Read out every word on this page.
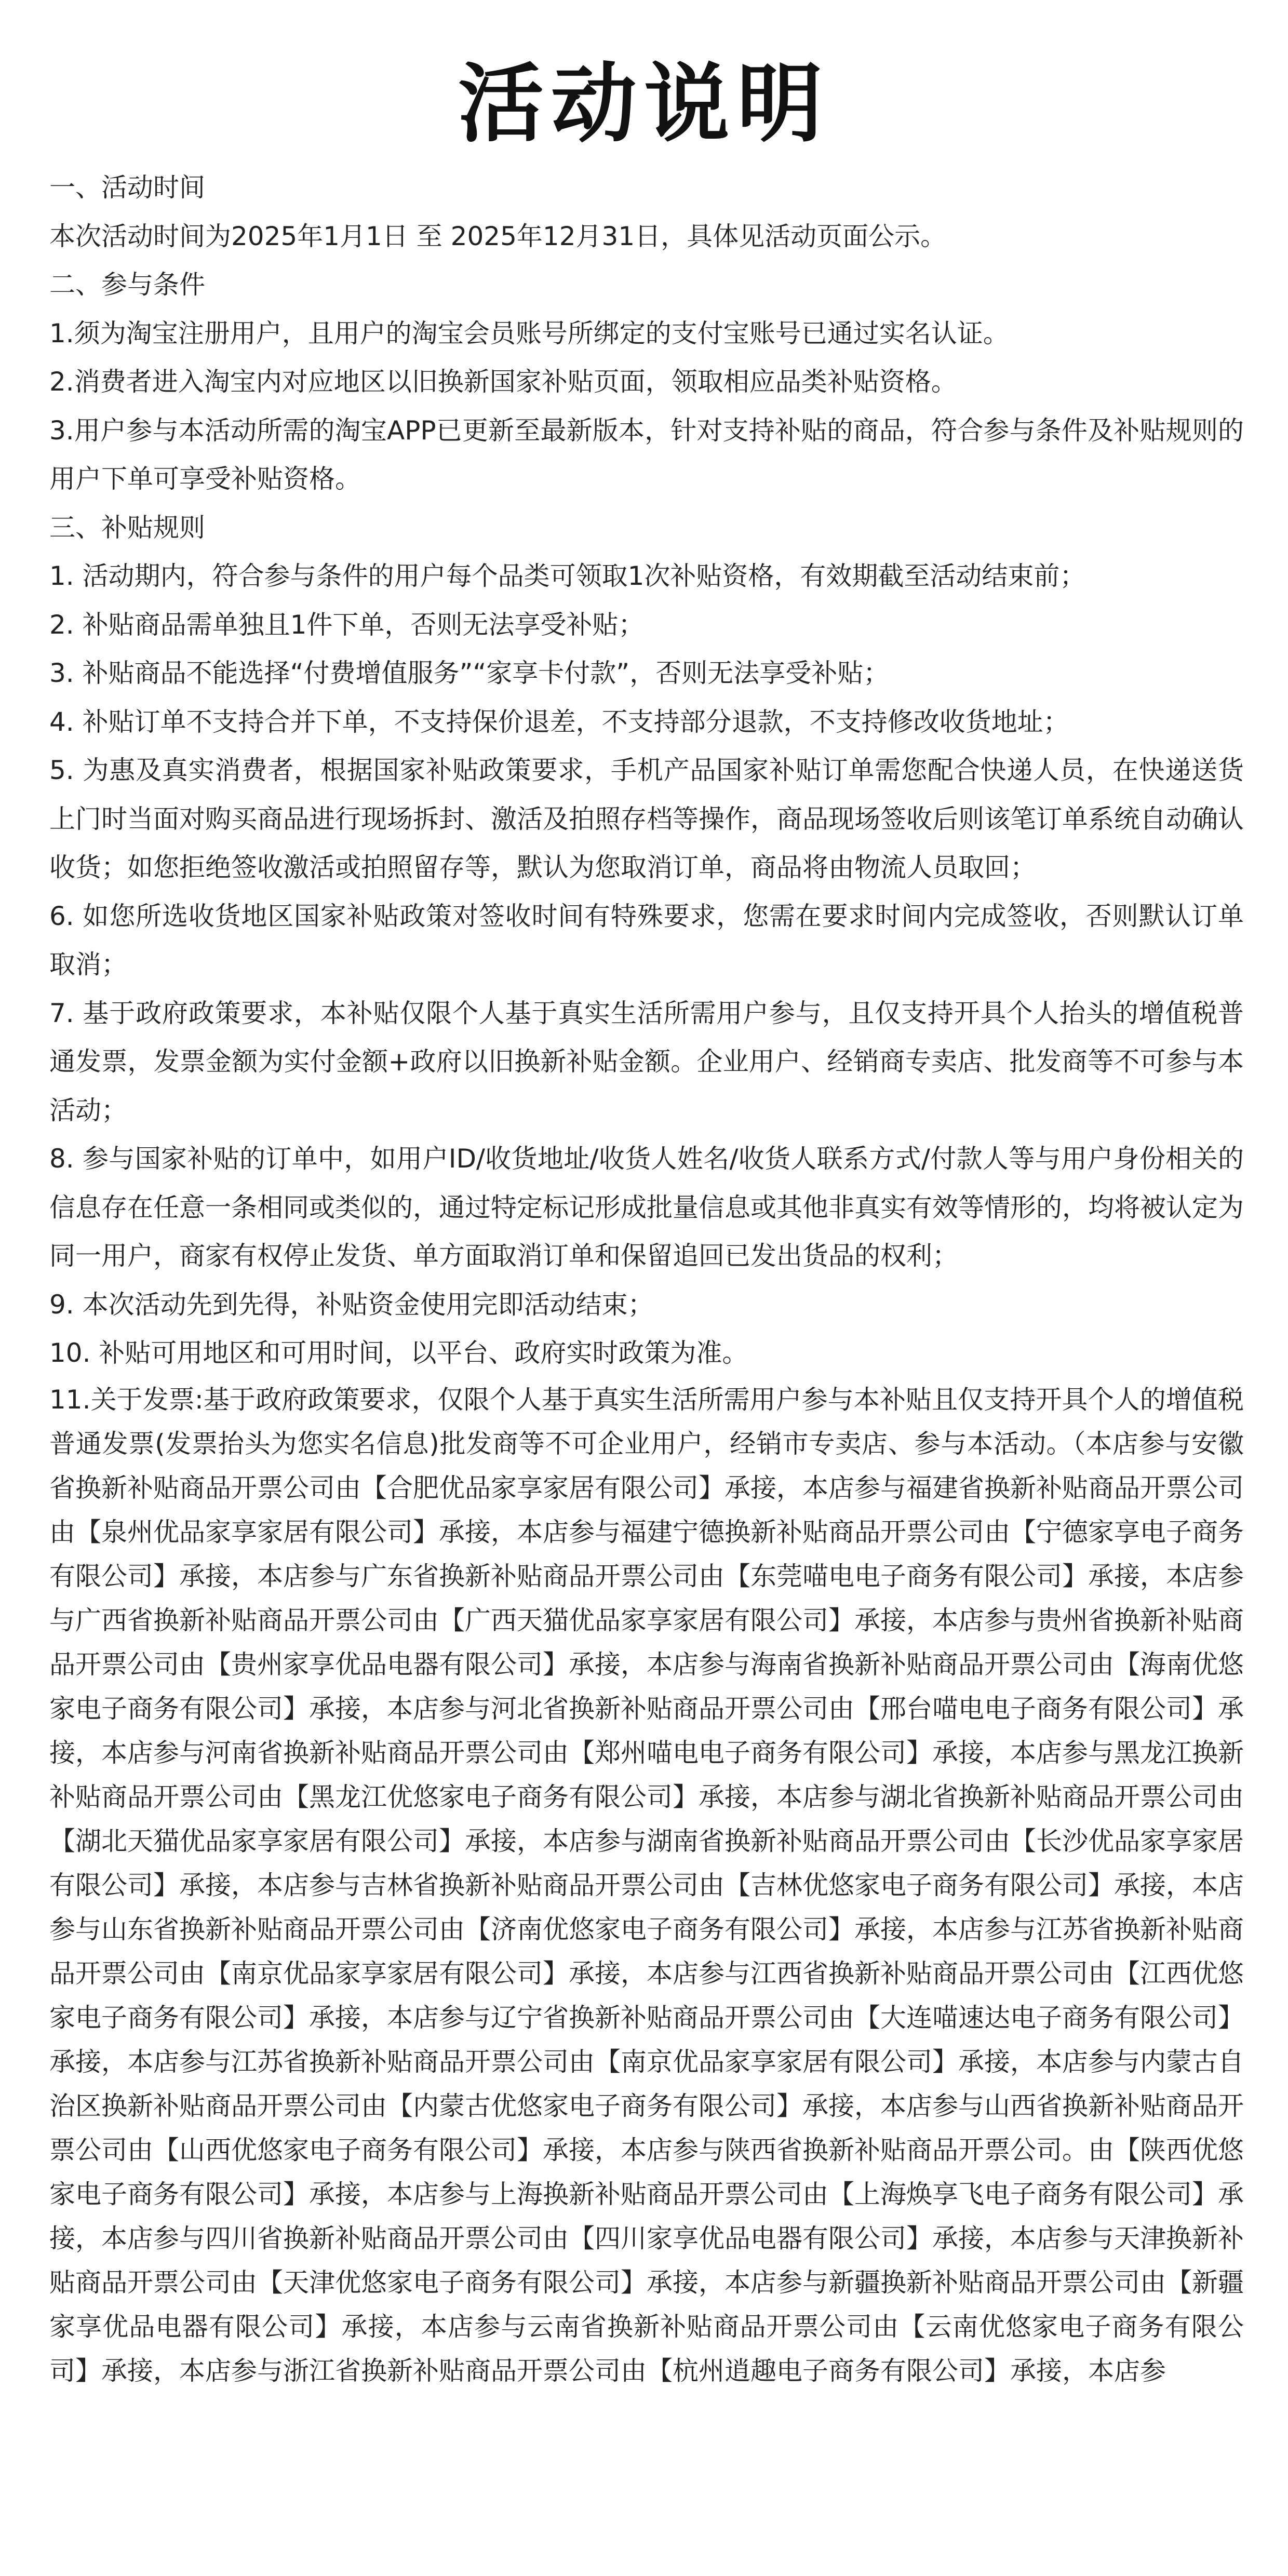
活动说明

一、活动时间

本次活动时间为2025年1月1日 至 2025年12月31日，具体见活动页面公示。

二、参与条件

1.须为淘宝注册用户，且用户的淘宝会员账号所绑定的支付宝账号已通过实名认证。

2.消费者进入淘宝内对应地区以旧换新国家补贴页面，领取相应品类补贴资格。

3.用户参与本活动所需的淘宝APP已更新至最新版本，针对支持补贴的商品，符合参与条件及补贴规则的用户下单可享受补贴资格。

三、补贴规则

1. 活动期内，符合参与条件的用户每个品类可领取1次补贴资格，有效期截至活动结束前；

2. 补贴商品需单独且1件下单，否则无法享受补贴；

3. 补贴商品不能选择“付费增值服务”“家享卡付款”，否则无法享受补贴；

4. 补贴订单不支持合并下单，不支持保价退差，不支持部分退款，不支持修改收货地址；

5. 为惠及真实消费者，根据国家补贴政策要求，手机产品国家补贴订单需您配合快递人员，在快递送货上门时当面对购买商品进行现场拆封、激活及拍照存档等操作，商品现场签收后则该笔订单系统自动确认收货；如您拒绝签收激活或拍照留存等，默认为您取消订单，商品将由物流人员取回；

6. 如您所选收货地区国家补贴政策对签收时间有特殊要求，您需在要求时间内完成签收，否则默认订单取消；

7. 基于政府政策要求，本补贴仅限个人基于真实生活所需用户参与，且仅支持开具个人抬头的增值税普通发票，发票金额为实付金额+政府以旧换新补贴金额。企业用户、经销商专卖店、批发商等不可参与本活动；

8. 参与国家补贴的订单中，如用户ID/收货地址/收货人姓名/收货人联系方式/付款人等与用户身份相关的信息存在任意一条相同或类似的，通过特定标记形成批量信息或其他非真实有效等情形的，均将被认定为同一用户，商家有权停止发货、单方面取消订单和保留追回已发出货品的权利；

9. 本次活动先到先得，补贴资金使用完即活动结束；

10. 补贴可用地区和可用时间，以平台、政府实时政策为准。

11.关于发票:基于政府政策要求，仅限个人基于真实生活所需用户参与本补贴且仅支持开具个人的增值税普通发票(发票抬头为您实名信息)批发商等不可企业用户，经销市专卖店、参与本活动。（本店参与安徽省换新补贴商品开票公司由【合肥优品家享家居有限公司】承接，本店参与福建省换新补贴商品开票公司由【泉州优品家享家居有限公司】承接，本店参与福建宁德换新补贴商品开票公司由【宁德家享电子商务有限公司】承接，本店参与广东省换新补贴商品开票公司由【东莞喵电电子商务有限公司】承接，本店参与广西省换新补贴商品开票公司由【广西天猫优品家享家居有限公司】承接，本店参与贵州省换新补贴商品开票公司由【贵州家享优品电器有限公司】承接，本店参与海南省换新补贴商品开票公司由【海南优悠家电子商务有限公司】承接，本店参与河北省换新补贴商品开票公司由【邢台喵电电子商务有限公司】承接，本店参与河南省换新补贴商品开票公司由【郑州喵电电子商务有限公司】承接，本店参与黑龙江换新补贴商品开票公司由【黑龙江优悠家电子商务有限公司】承接，本店参与湖北省换新补贴商品开票公司由【湖北天猫优品家享家居有限公司】承接，本店参与湖南省换新补贴商品开票公司由【长沙优品家享家居有限公司】承接，本店参与吉林省换新补贴商品开票公司由【吉林优悠家电子商务有限公司】承接，本店参与山东省换新补贴商品开票公司由【济南优悠家电子商务有限公司】承接，本店参与江苏省换新补贴商品开票公司由【南京优品家享家居有限公司】承接，本店参与江西省换新补贴商品开票公司由【江西优悠家电子商务有限公司】承接，本店参与辽宁省换新补贴商品开票公司由【大连喵速达电子商务有限公司】承接，本店参与江苏省换新补贴商品开票公司由【南京优品家享家居有限公司】承接，本店参与内蒙古自治区换新补贴商品开票公司由【内蒙古优悠家电子商务有限公司】承接，本店参与山西省换新补贴商品开票公司由【山西优悠家电子商务有限公司】承接，本店参与陕西省换新补贴商品开票公司。由【陕西优悠家电子商务有限公司】承接，本店参与上海换新补贴商品开票公司由【上海焕享飞电子商务有限公司】承接，本店参与四川省换新补贴商品开票公司由【四川家享优品电器有限公司】承接，本店参与天津换新补贴商品开票公司由【天津优悠家电子商务有限公司】承接，本店参与新疆换新补贴商品开票公司由【新疆家享优品电器有限公司】承接，本店参与云南省换新补贴商品开票公司由【云南优悠家电子商务有限公司】承接，本店参与浙江省换新补贴商品开票公司由【杭州逍趣电子商务有限公司】承接，本店参
